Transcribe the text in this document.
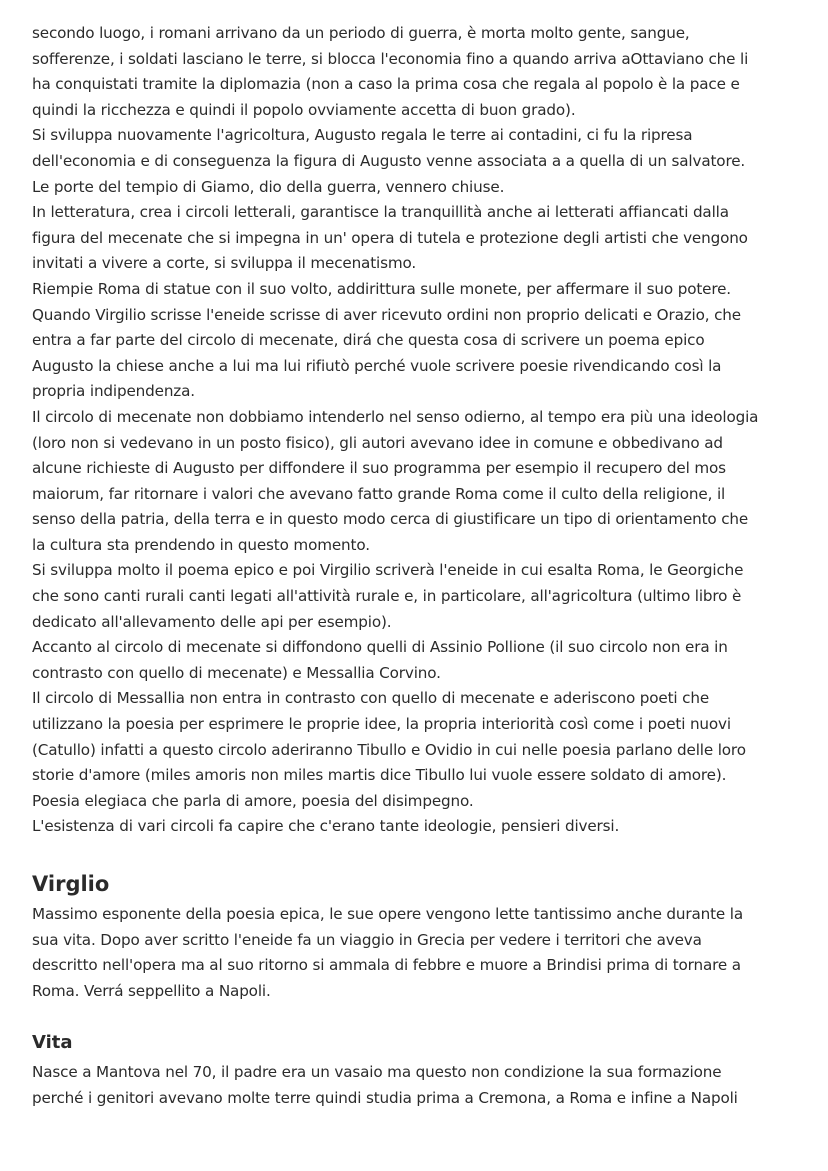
secondo luogo, i romani arrivano da un periodo di guerra, è morta molto gente, sangue,
sofferenze, i soldati lasciano le terre, si blocca l'economia fino a quando arriva aOttaviano che li
ha conquistati tramite la diplomazia (non a caso la prima cosa che regala al popolo è la pace e
quindi la ricchezza e quindi il popolo ovviamente accetta di buon grado).
Si sviluppa nuovamente l'agricoltura, Augusto regala le terre ai contadini, ci fu la ripresa
dell'economia e di conseguenza la figura di Augusto venne associata a a quella di un salvatore.
Le porte del tempio di Giamo, dio della guerra, vennero chiuse.
In letteratura, crea i circoli letterali, garantisce la tranquillità anche ai letterati affiancati dalla
figura del mecenate che si impegna in un' opera di tutela e protezione degli artisti che vengono
invitati a vivere a corte, si sviluppa il mecenatismo.
Riempie Roma di statue con il suo volto, addirittura sulle monete, per affermare il suo potere.
Quando Virgilio scrisse l'eneide scrisse di aver ricevuto ordini non proprio delicati e Orazio, che
entra a far parte del circolo di mecenate, dirá che questa cosa di scrivere un poema epico
Augusto la chiese anche a lui ma lui rifiutò perché vuole scrivere poesie rivendicando così la
propria indipendenza.
Il circolo di mecenate non dobbiamo intenderlo nel senso odierno, al tempo era più una ideologia
(loro non si vedevano in un posto fisico), gli autori avevano idee in comune e obbedivano ad
alcune richieste di Augusto per diffondere il suo programma per esempio il recupero del mos
maiorum, far ritornare i valori che avevano fatto grande Roma come il culto della religione, il
senso della patria, della terra e in questo modo cerca di giustificare un tipo di orientamento che
la cultura sta prendendo in questo momento.
Si sviluppa molto il poema epico e poi Virgilio scriverà l'eneide in cui esalta Roma, le Georgiche
che sono canti rurali canti legati all'attività rurale e, in particolare, all'agricoltura (ultimo libro è
dedicato all'allevamento delle api per esempio).
Accanto al circolo di mecenate si diffondono quelli di Assinio Pollione (il suo circolo non era in
contrasto con quello di mecenate) e Messallia Corvino.
Il circolo di Messallia non entra in contrasto con quello di mecenate e aderiscono poeti che
utilizzano la poesia per esprimere le proprie idee, la propria interiorità così come i poeti nuovi
(Catullo) infatti a questo circolo aderiranno Tibullo e Ovidio in cui nelle poesia parlano delle loro
storie d'amore (miles amoris non miles martis dice Tibullo lui vuole essere soldato di amore).
Poesia elegiaca che parla di amore, poesia del disimpegno.
L'esistenza di vari circoli fa capire che c'erano tante ideologie, pensieri diversi.
Virglio
Massimo esponente della poesia epica, le sue opere vengono lette tantissimo anche durante la
sua vita. Dopo aver scritto l'eneide fa un viaggio in Grecia per vedere i territori che aveva
descritto nell'opera ma al suo ritorno si ammala di febbre e muore a Brindisi prima di tornare a
Roma. Verrá seppellito a Napoli.
Vita
Nasce a Mantova nel 70, il padre era un vasaio ma questo non condizione la sua formazione
perché i genitori avevano molte terre quindi studia prima a Cremona, a Roma e infine a Napoli
